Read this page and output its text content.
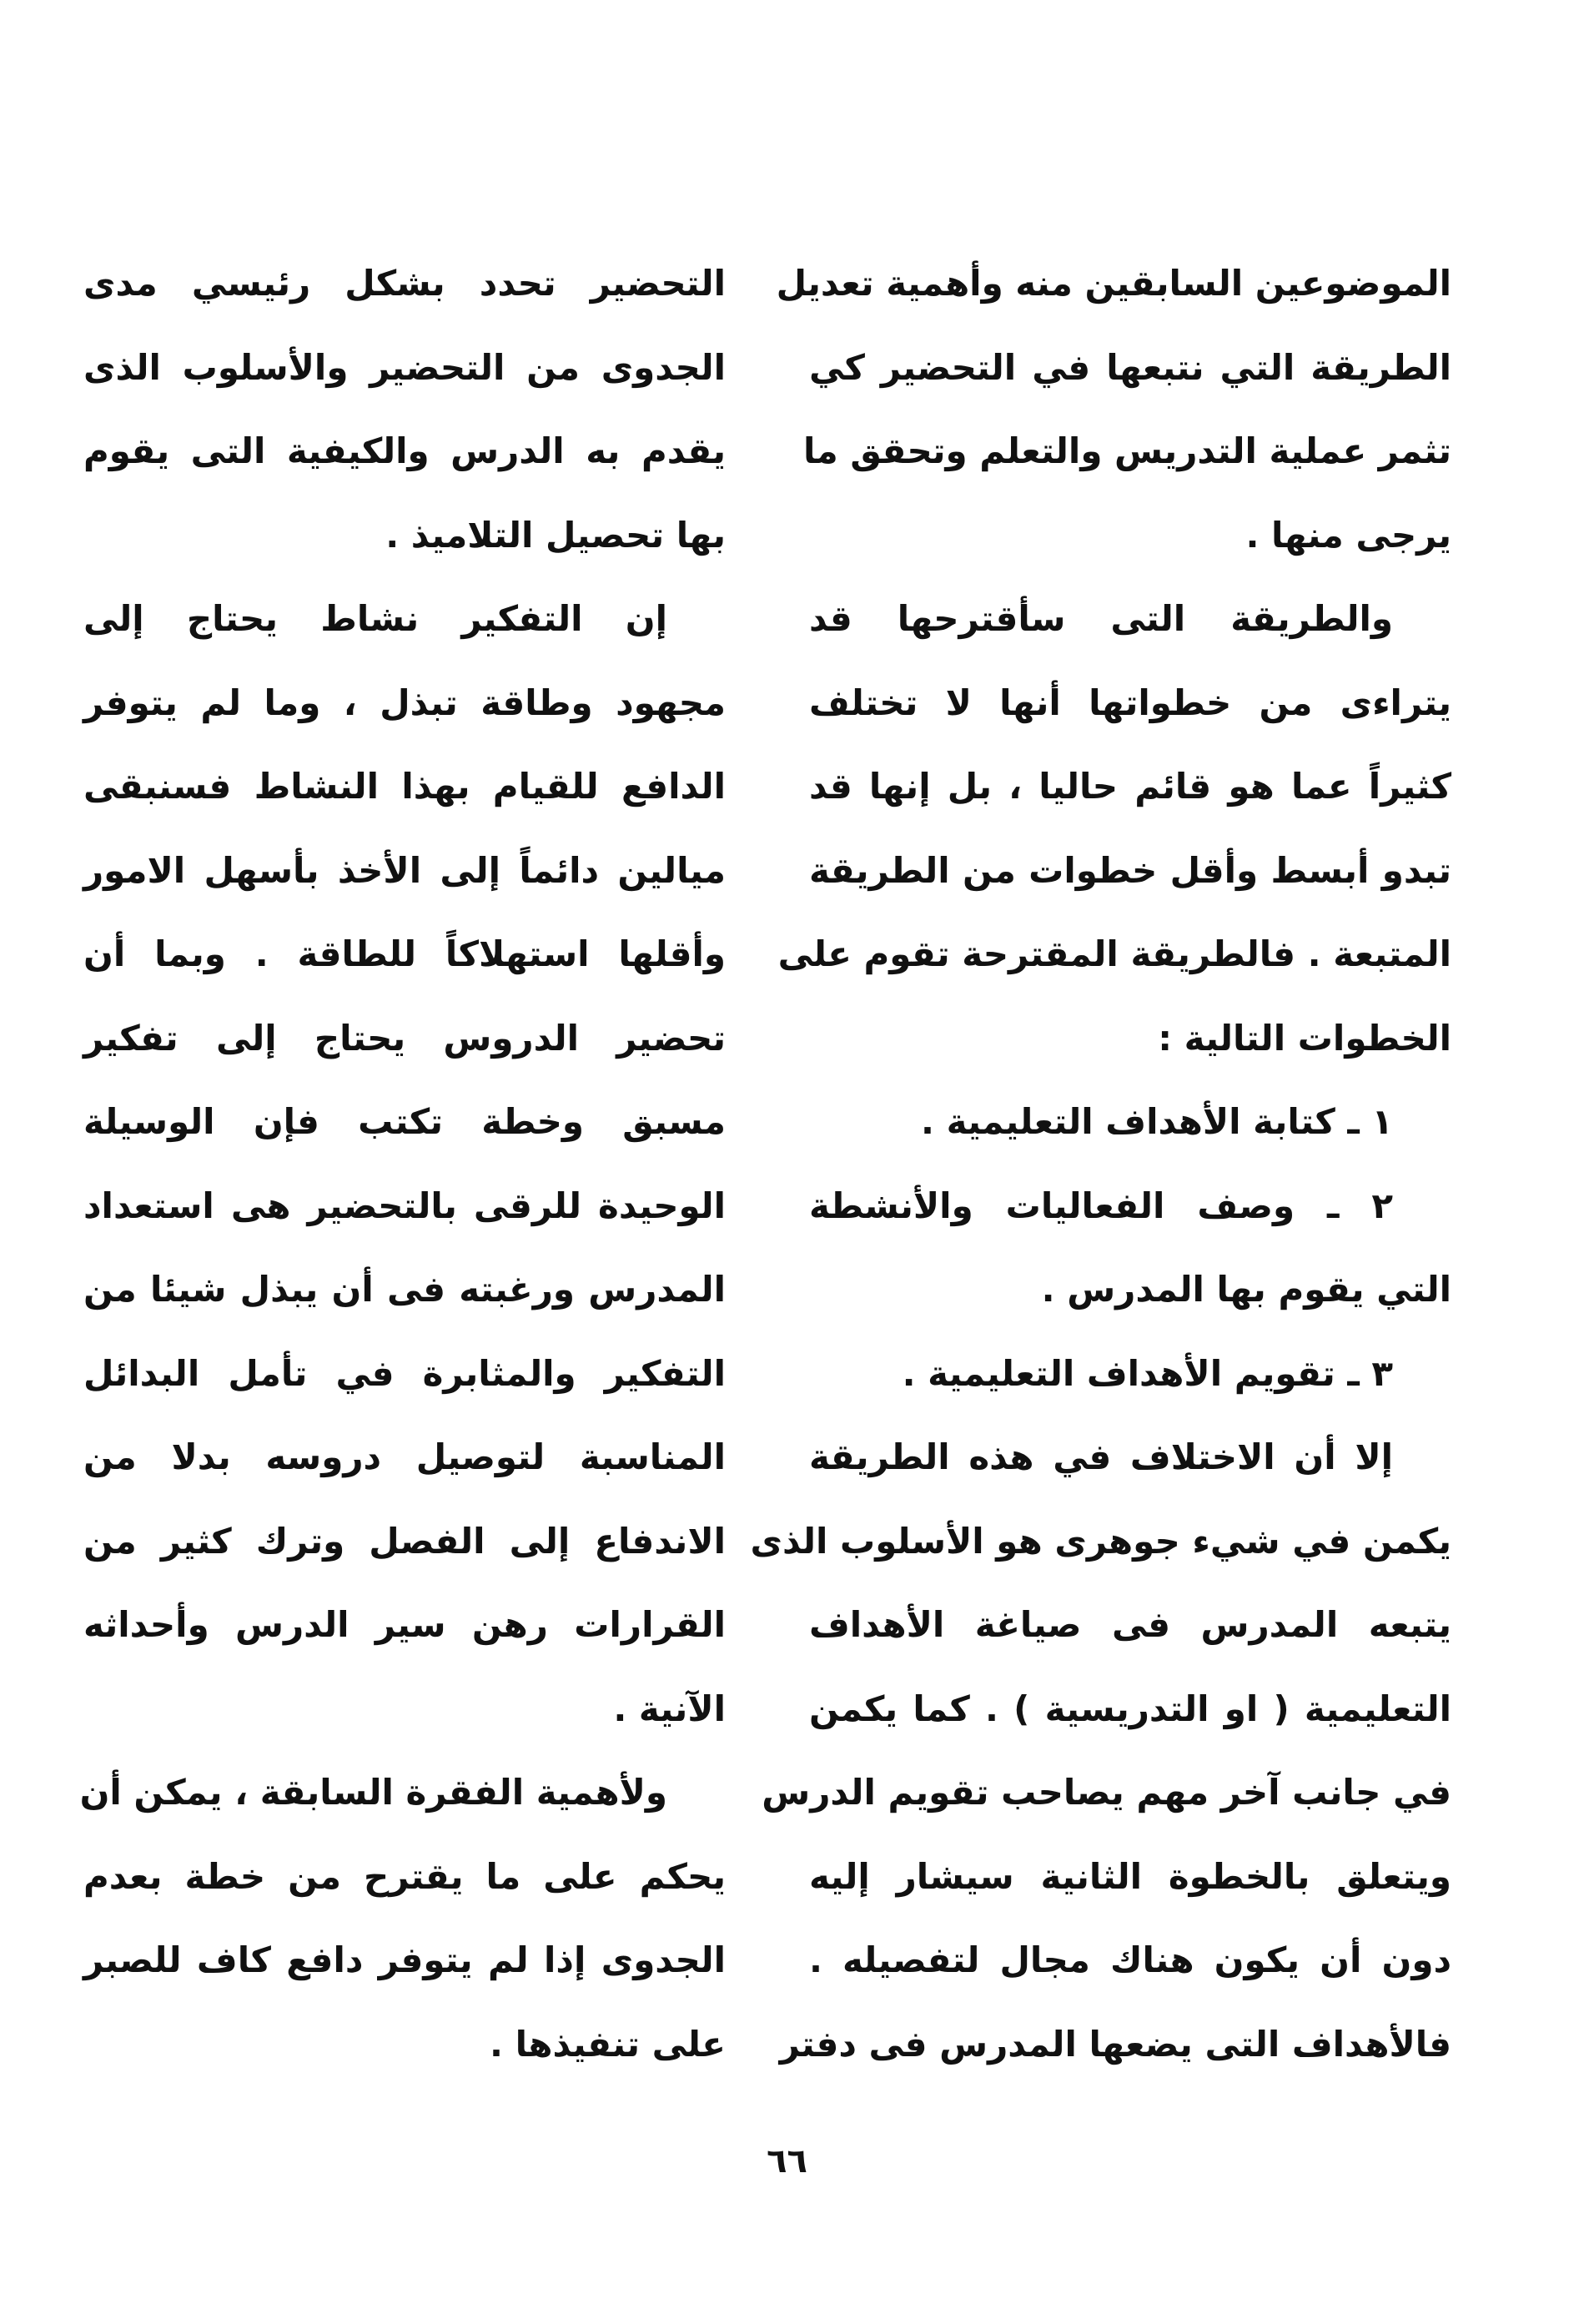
الموضوعين السابقين منه وأهمية تعديل
الطريقة التي نتبعها في التحضير كي
تثمر عملية التدريس والتعلم وتحقق ما
يرجى منها .
والطريقة التى سأقترحها قد
يتراءى من خطواتها أنها لا تختلف
كثيراً عما هو قائم حاليا ، بل إنها قد
تبدو أبسط وأقل خطوات من الطريقة
المتبعة . فالطريقة المقترحة تقوم على
الخطوات التالية :
١ ـ كتابة الأهداف التعليمية .
٢ ـ وصف الفعاليات والأنشطة
التي يقوم بها المدرس .
٣ ـ تقويم الأهداف التعليمية .
إلا أن الاختلاف في هذه الطريقة
يكمن في شيء جوهرى هو الأسلوب الذى
يتبعه المدرس فى صياغة الأهداف
التعليمية ( او التدريسية ) . كما يكمن
في جانب آخر مهم يصاحب تقويم الدرس
ويتعلق بالخطوة الثانية سيشار إليه
دون أن يكون هناك مجال لتفصيله .
فالأهداف التى يضعها المدرس فى دفتر
التحضير تحدد بشكل رئيسي مدى
الجدوى من التحضير والأسلوب الذى
يقدم به الدرس والكيفية التى يقوم
بها تحصيل التلاميذ .
إن التفكير نشاط يحتاج إلى
مجهود وطاقة تبذل ، وما لم يتوفر
الدافع للقيام بهذا النشاط فسنبقى
ميالين دائماً إلى الأخذ بأسهل الامور
وأقلها استهلاكاً للطاقة . وبما أن
تحضير الدروس يحتاج إلى تفكير
مسبق وخطة تكتب فإن الوسيلة
الوحيدة للرقى بالتحضير هى استعداد
المدرس ورغبته فى أن يبذل شيئا من
التفكير والمثابرة في تأمل البدائل
المناسبة لتوصيل دروسه بدلا من
الاندفاع إلى الفصل وترك كثير من
القرارات رهن سير الدرس وأحداثه
الآنية .
ولأهمية الفقرة السابقة ، يمكن أن
يحكم على ما يقترح من خطة بعدم
الجدوى إذا لم يتوفر دافع كاف للصبر
على تنفيذها .
٦٦
